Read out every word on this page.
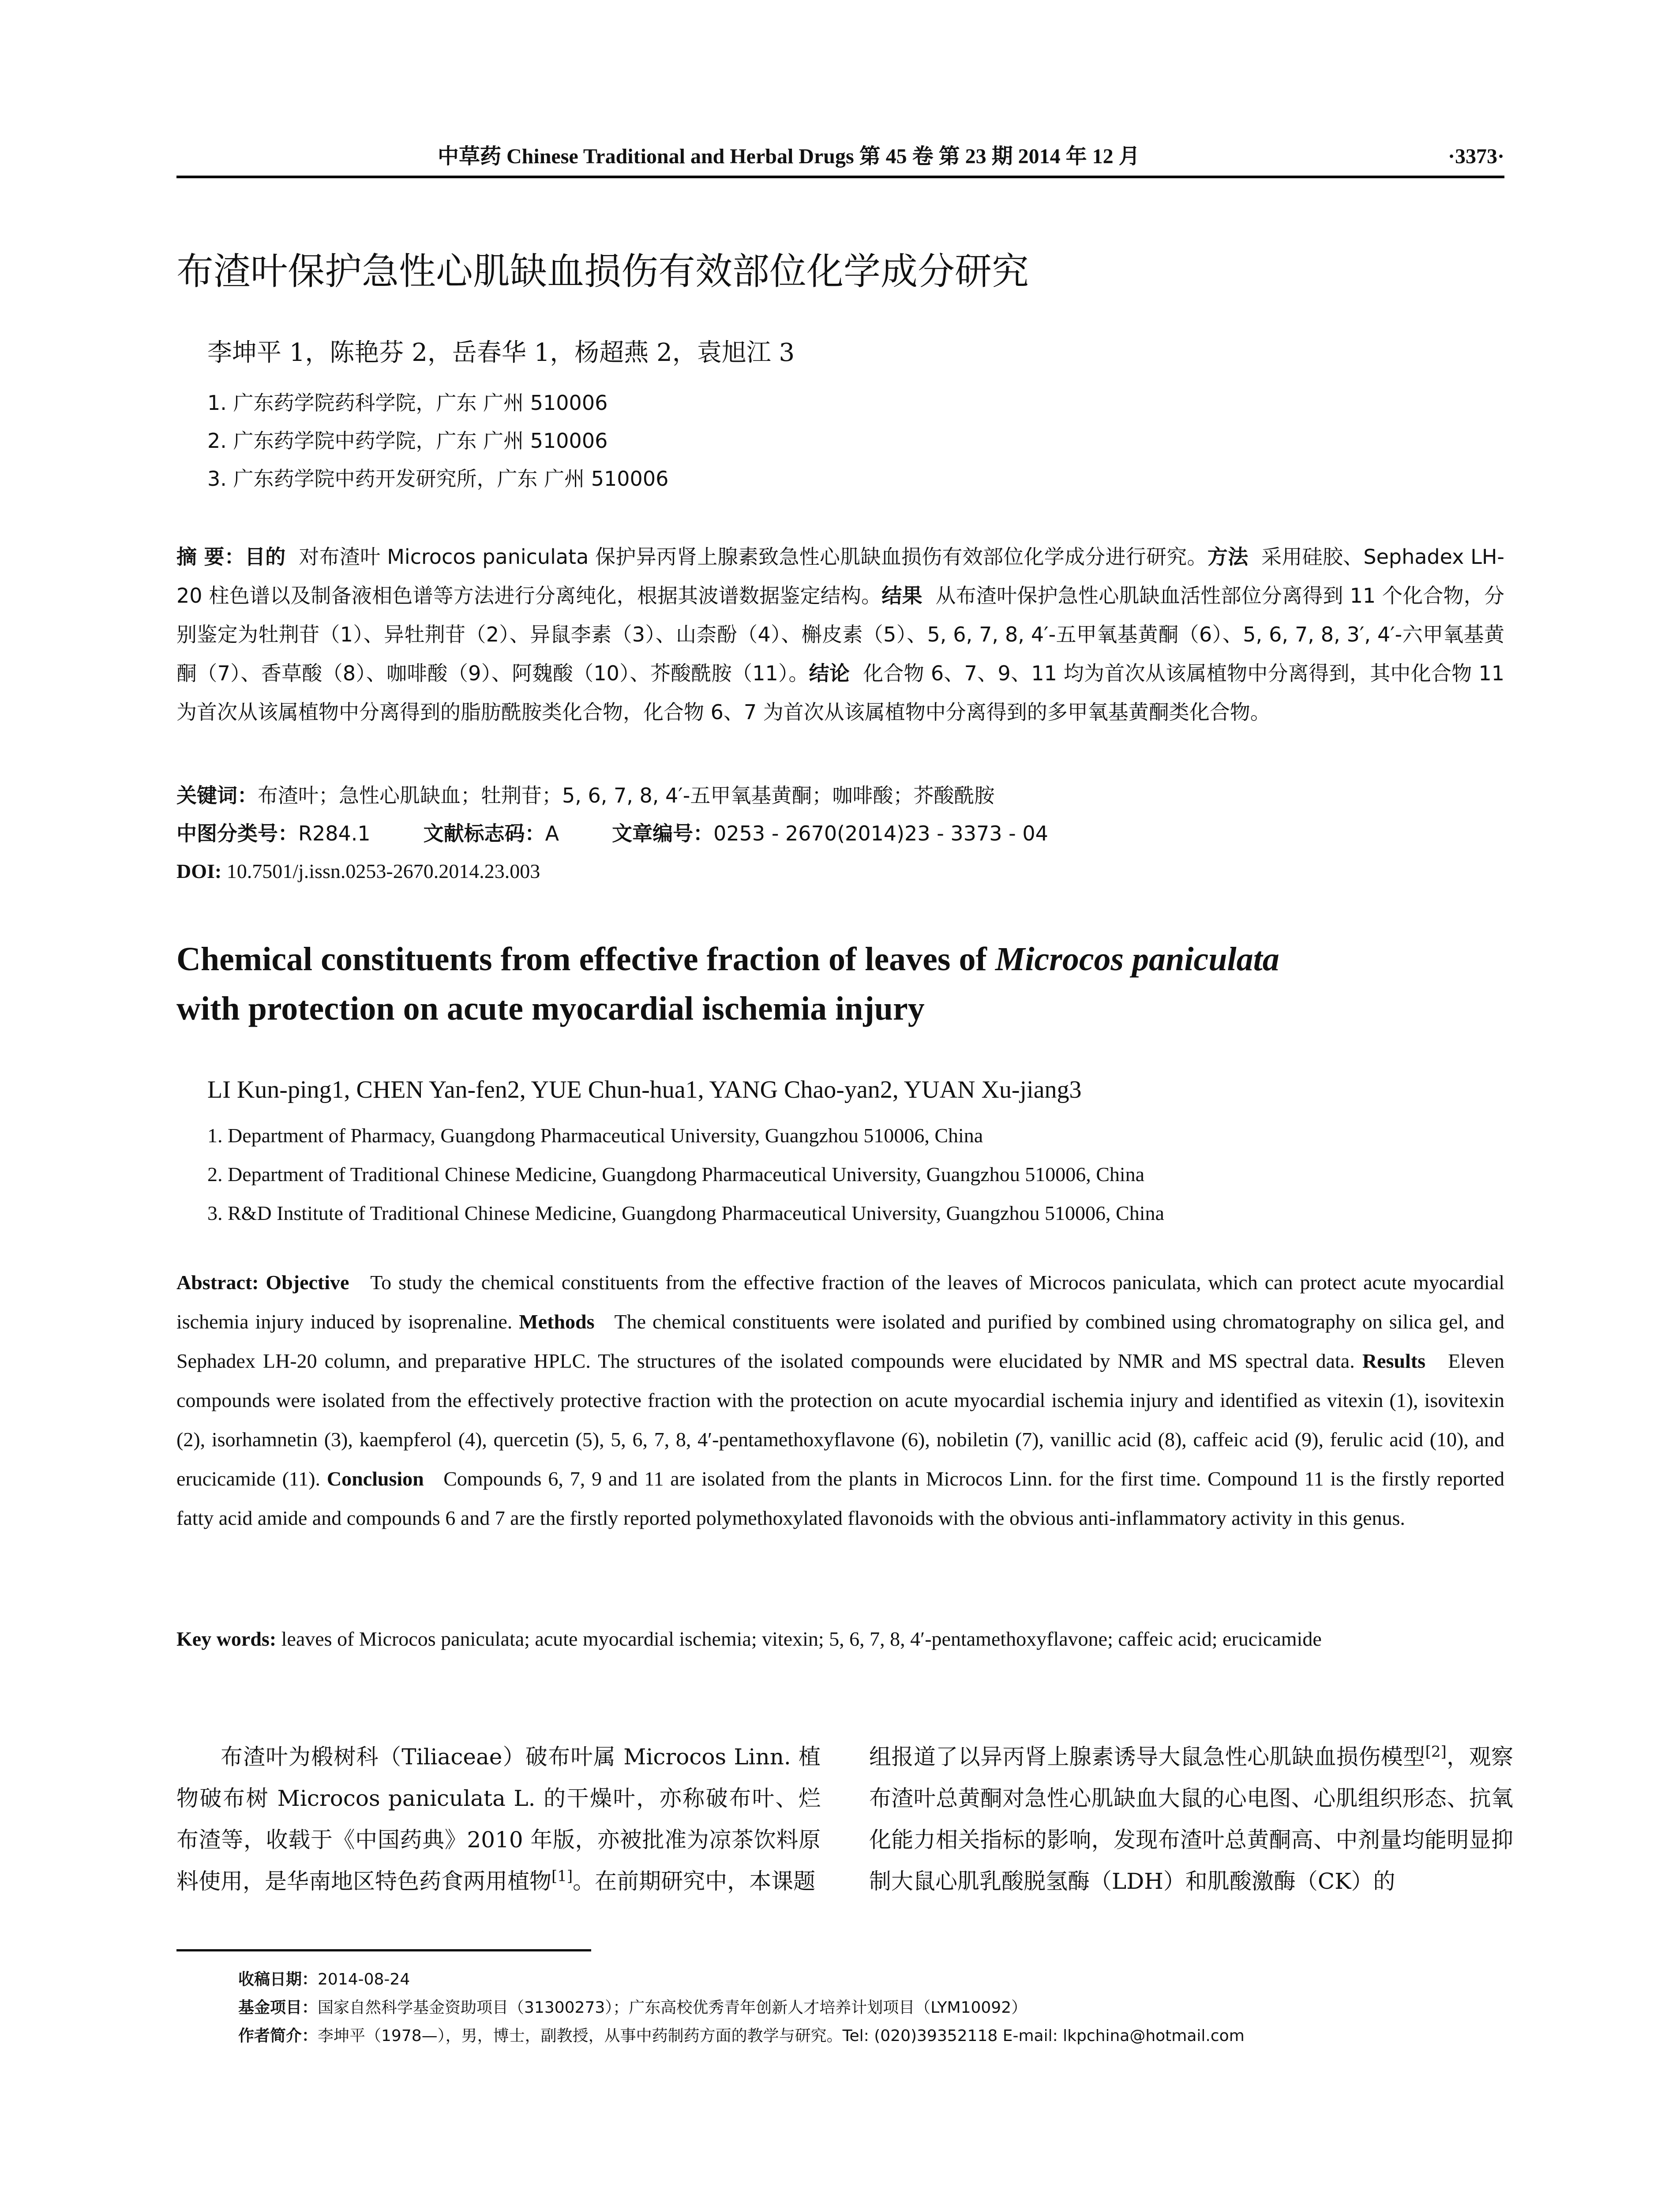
中草药 Chinese Traditional and Herbal Drugs 第 45 卷 第 23 期 2014 年 12 月	·3373·
布渣叶保护急性心肌缺血损伤有效部位化学成分研究
李坤平 1，陈艳芬 2，岳春华 1，杨超燕 2，袁旭江 3
1. 广东药学院药科学院，广东 广州 510006
2. 广东药学院中药学院，广东 广州 510006
3. 广东药学院中药开发研究所，广东 广州 510006
摘 要：目的 对布渣叶 Microcos paniculata 保护异丙肾上腺素致急性心肌缺血损伤有效部位化学成分进行研究。方法 采用硅胶、Sephadex LH-20 柱色谱以及制备液相色谱等方法进行分离纯化，根据其波谱数据鉴定结构。结果 从布渣叶保护急性心肌缺血活性部位分离得到 11 个化合物，分别鉴定为牡荆苷（1）、异牡荆苷（2）、异鼠李素（3）、山柰酚（4）、槲皮素（5）、5, 6, 7, 8, 4′-五甲氧基黄酮（6）、5, 6, 7, 8, 3′, 4′-六甲氧基黄酮（7）、香草酸（8）、咖啡酸（9）、阿魏酸（10）、芥酸酰胺（11）。结论 化合物 6、7、9、11 均为首次从该属植物中分离得到，其中化合物 11 为首次从该属植物中分离得到的脂肪酰胺类化合物，化合物 6、7 为首次从该属植物中分离得到的多甲氧基黄酮类化合物。
关键词：布渣叶；急性心肌缺血；牡荆苷；5, 6, 7, 8, 4′-五甲氧基黄酮；咖啡酸；芥酸酰胺
中图分类号：R284.1	文献标志码：A	文章编号：0253 - 2670(2014)23 - 3373 - 04
DOI: 10.7501/j.issn.0253-2670.2014.23.003
Chemical constituents from effective fraction of leaves of Microcos paniculata
with protection on acute myocardial ischemia injury
LI Kun-ping1, CHEN Yan-fen2, YUE Chun-hua1, YANG Chao-yan2, YUAN Xu-jiang3
1. Department of Pharmacy, Guangdong Pharmaceutical University, Guangzhou 510006, China
2. Department of Traditional Chinese Medicine, Guangdong Pharmaceutical University, Guangzhou 510006, China
3. R&D Institute of Traditional Chinese Medicine, Guangdong Pharmaceutical University, Guangzhou 510006, China
Abstract: Objective To study the chemical constituents from the effective fraction of the leaves of Microcos paniculata, which can protect acute myocardial ischemia injury induced by isoprenaline. Methods The chemical constituents were isolated and purified by combined using chromatography on silica gel, and Sephadex LH-20 column, and preparative HPLC. The structures of the isolated compounds were elucidated by NMR and MS spectral data. Results Eleven compounds were isolated from the effectively protective fraction with the protection on acute myocardial ischemia injury and identified as vitexin (1), isovitexin (2), isorhamnetin (3), kaempferol (4), quercetin (5), 5, 6, 7, 8, 4′-pentamethoxyflavone (6), nobiletin (7), vanillic acid (8), caffeic acid (9), ferulic acid (10), and erucicamide (11). Conclusion Compounds 6, 7, 9 and 11 are isolated from the plants in Microcos Linn. for the first time. Compound 11 is the firstly reported fatty acid amide and compounds 6 and 7 are the firstly reported polymethoxylated flavonoids with the obvious anti-inflammatory activity in this genus.
Key words: leaves of Microcos paniculata; acute myocardial ischemia; vitexin; 5, 6, 7, 8, 4′-pentamethoxyflavone; caffeic acid; erucicamide
布渣叶为椴树科（Tiliaceae）破布叶属 Microcos Linn. 植物破布树 Microcos paniculata L. 的干燥叶，亦称破布叶、烂布渣等，收载于《中国药典》2010 年版，亦被批准为凉茶饮料原料使用，是华南地区特色药食两用植物[1]。在前期研究中，本课题
组报道了以异丙肾上腺素诱导大鼠急性心肌缺血损伤模型[2]，观察布渣叶总黄酮对急性心肌缺血大鼠的心电图、心肌组织形态、抗氧化能力相关指标的影响，发现布渣叶总黄酮高、中剂量均能明显抑制大鼠心肌乳酸脱氢酶（LDH）和肌酸激酶（CK）的
收稿日期：2014-08-24
基金项目：国家自然科学基金资助项目（31300273）；广东高校优秀青年创新人才培养计划项目（LYM10092）
作者简介：李坤平（1978—），男，博士，副教授，从事中药制药方面的教学与研究。Tel: (020)39352118 E-mail: lkpchina@hotmail.com
